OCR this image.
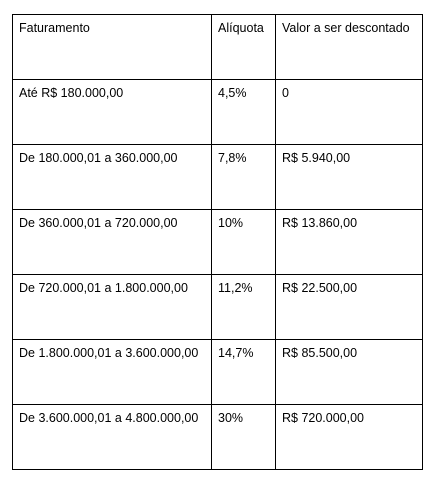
Faturamento	Alíquota	Valor a ser descontado
Até R$ 180.000,00	4,5%	0
De 180.000,01 a 360.000,00	7,8%	R$ 5.940,00
De 360.000,01 a 720.000,00	10%	R$ 13.860,00
De 720.000,01 a 1.800.000,00	11,2%	R$ 22.500,00
De 1.800.000,01 a 3.600.000,00	14,7%	R$ 85.500,00
De 3.600.000,01 a 4.800.000,00	30%	R$ 720.000,00
